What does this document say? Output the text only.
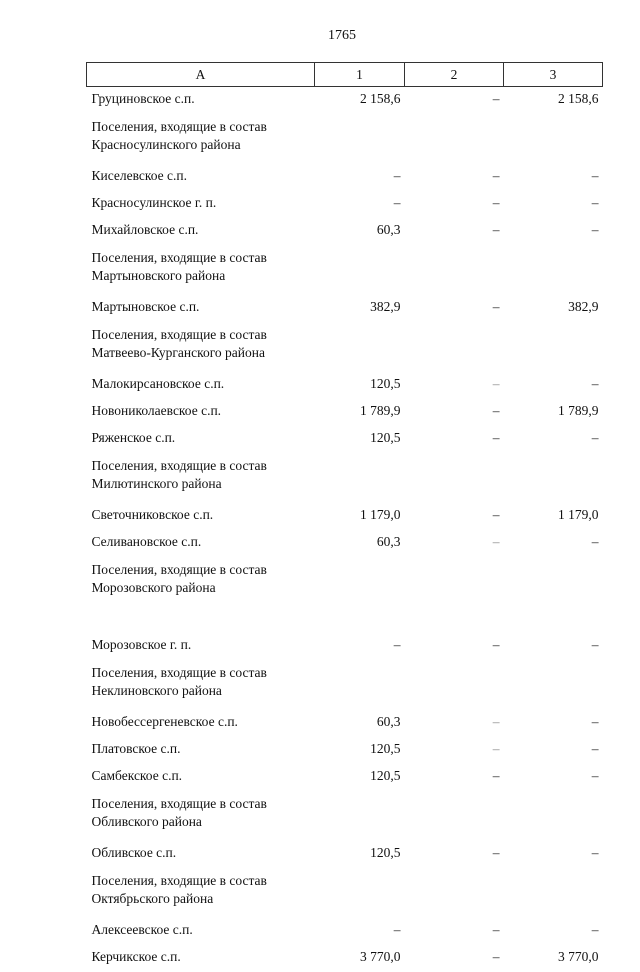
1765
А	1	2	3
Груциновское с.п.	2 158,6	–	2 158,6
Поселения, входящие в состав Красносулинского района			
Киселевское с.п.	–	–	–
Красносулинское г. п.	–	–	–
Михайловское с.п.	60,3	–	–
Поселения, входящие в состав Мартыновского района			
Мартыновское с.п.	382,9	–	382,9
Поселения, входящие в состав Матвеево-Курганского района			
Малокирсановское с.п.	120,5	–	–
Новониколаевское с.п.	1 789,9	–	1 789,9
Ряженское с.п.	120,5	–	–
Поселения, входящие в состав Милютинского района			
Светочниковское с.п.	1 179,0	–	1 179,0
Селивановское с.п.	60,3	–	–
Поселения, входящие в состав Морозовского района			

Морозовское г. п.	–	–	–
Поселения, входящие в состав Неклиновского района			
Новобессергеневское с.п.	60,3	–	–
Платовское с.п.	120,5	–	–
Самбекское с.п.	120,5	–	–
Поселения, входящие в состав Обливского района			
Обливское с.п.	120,5	–	–
Поселения, входящие в состав Октябрьского района			
Алексеевское с.п.	–	–	–
Керчикское с.п.	3 770,0	–	3 770,0
